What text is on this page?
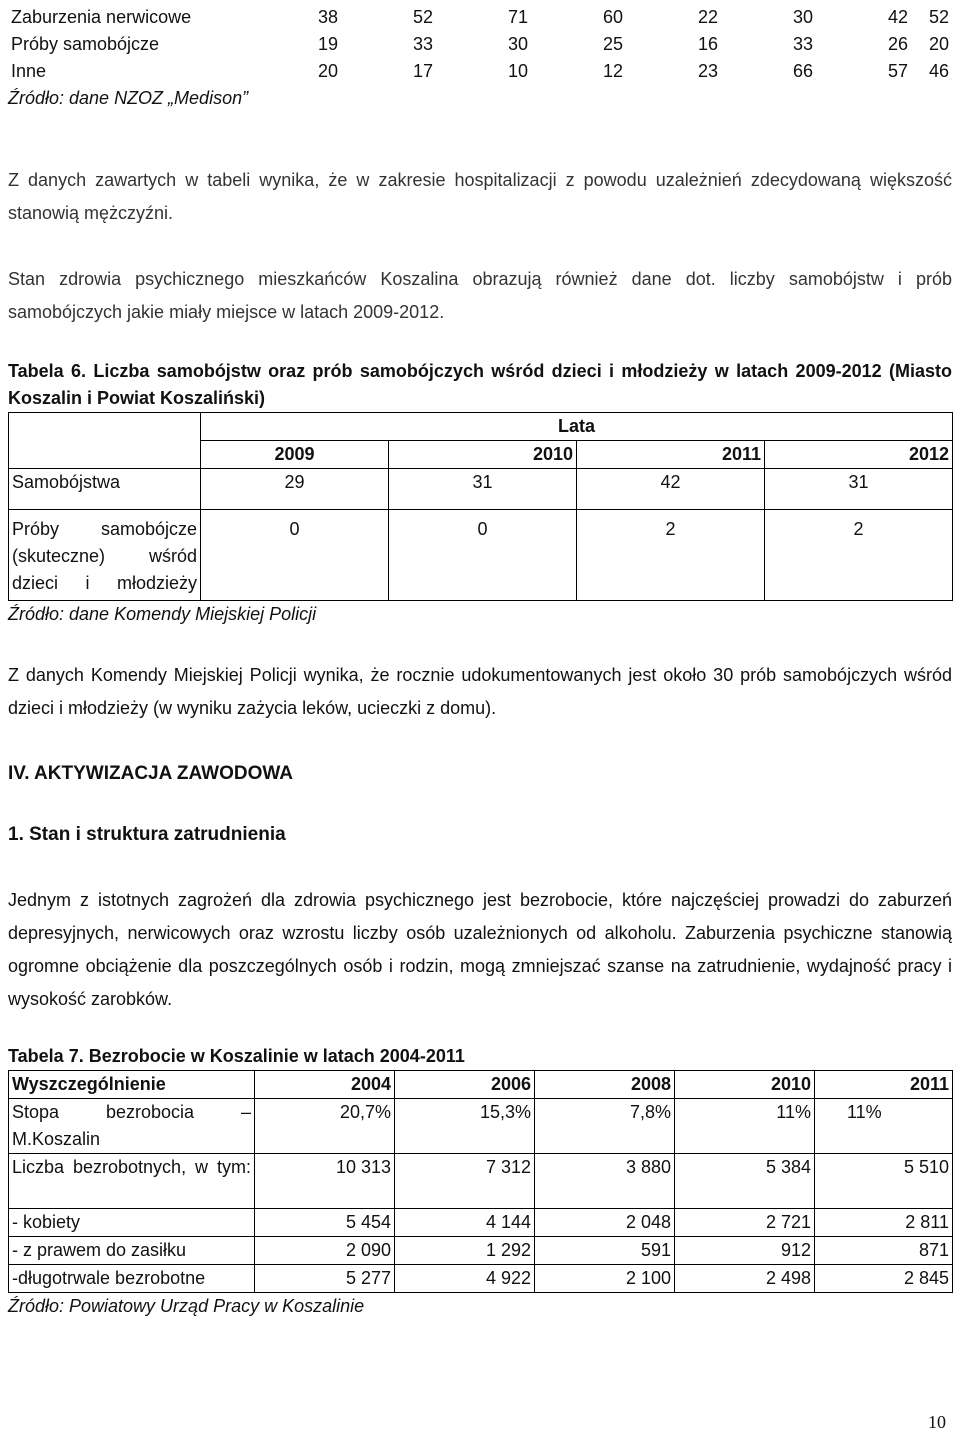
Zaburzenia nerwicowe	38	52	71	60	22	30	42	52
Próby samobójcze	19	33	30	25	16	33	26	20
Inne	20	17	10	12	23	66	57	46
Źródło: dane NZOZ „Medison”
Z danych zawartych w tabeli wynika, że w zakresie hospitalizacji z powodu uzależnień zdecydowaną większość stanowią mężczyźni.
Stan zdrowia psychicznego mieszkańców Koszalina obrazują również dane dot. liczby samobójstw i prób samobójczych jakie miały miejsce w latach 2009-2012.
Tabela 6. Liczba samobójstw oraz prób samobójczych wśród dzieci i młodzieży w latach 2009-2012 (Miasto Koszalin i Powiat Koszaliński)
	Lata			
	2009	2010	2011	2012
Samobójstwa	29	31	42	31
Próby samobójcze (skuteczne) wśród dzieci i młodzieży	0	0	2	2
Źródło: dane Komendy Miejskiej Policji
Z danych Komendy Miejskiej Policji wynika, że rocznie udokumentowanych jest około 30 prób samobójczych wśród dzieci i młodzieży (w wyniku zażycia leków, ucieczki z domu).
IV. AKTYWIZACJA ZAWODOWA
1. Stan i struktura zatrudnienia
Jednym z istotnych zagrożeń dla zdrowia psychicznego jest bezrobocie, które najczęściej prowadzi do zaburzeń depresyjnych, nerwicowych oraz wzrostu liczby osób uzależnionych od alkoholu. Zaburzenia psychiczne stanowią ogromne obciążenie dla poszczególnych osób i rodzin, mogą zmniejszać szanse na zatrudnienie, wydajność pracy i wysokość zarobków.
Tabela 7. Bezrobocie w Koszalinie w latach 2004-2011
Wyszczególnienie	2004	2006	2008	2010	2011
Stopa bezrobocia – M.Koszalin	20,7%	15,3%	7,8%	11%	11%
Liczba bezrobotnych, w tym:	10 313	7 312	3 880	5 384	5 510
- kobiety	5 454	4 144	2 048	2 721	2 811
- z prawem do zasiłku	2 090	1 292	591	912	871
-długotrwale bezrobotne	5 277	4 922	2 100	2 498	2 845
Źródło: Powiatowy Urząd Pracy w Koszalinie
10
